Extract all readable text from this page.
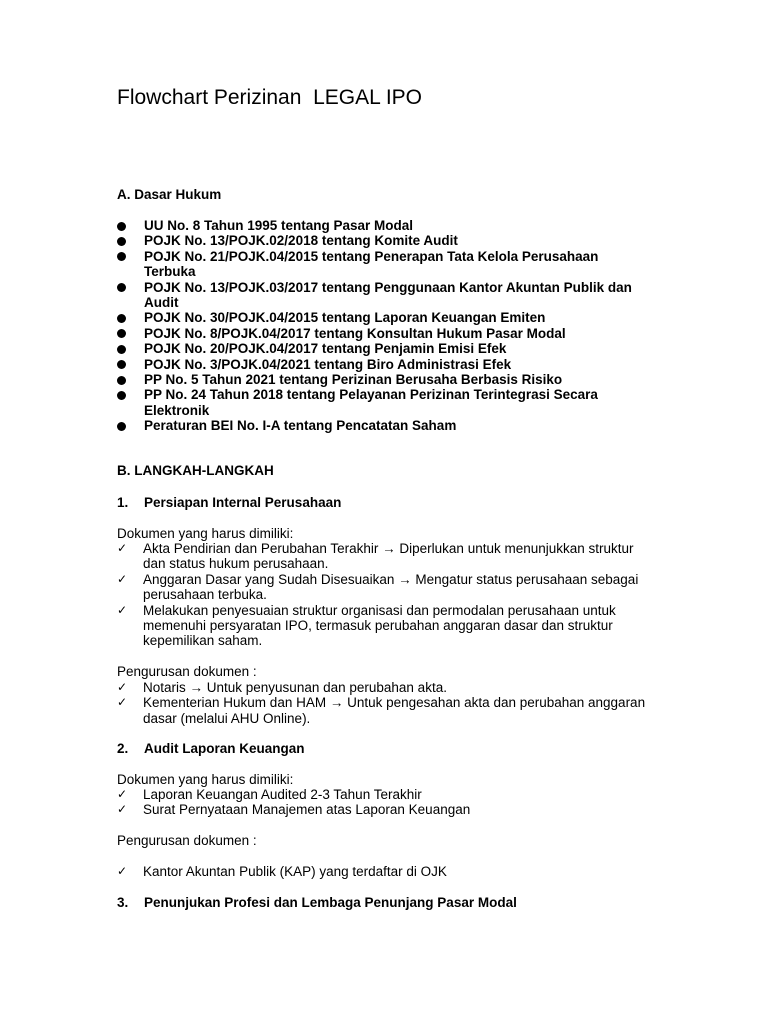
Flowchart Perizinan  LEGAL IPO
A. Dasar Hukum
UU No. 8 Tahun 1995 tentang Pasar Modal
POJK No. 13/POJK.02/2018 tentang Komite Audit
POJK No. 21/POJK.04/2015 tentang Penerapan Tata Kelola Perusahaan Terbuka
POJK No. 13/POJK.03/2017 tentang Penggunaan Kantor Akuntan Publik dan Audit
POJK No. 30/POJK.04/2015 tentang Laporan Keuangan Emiten
POJK No. 8/POJK.04/2017 tentang Konsultan Hukum Pasar Modal
POJK No. 20/POJK.04/2017 tentang Penjamin Emisi Efek
POJK No. 3/POJK.04/2021 tentang Biro Administrasi Efek
PP No. 5 Tahun 2021 tentang Perizinan Berusaha Berbasis Risiko
PP No. 24 Tahun 2018 tentang Pelayanan Perizinan Terintegrasi Secara Elektronik
Peraturan BEI No. I-A tentang Pencatatan Saham
B. LANGKAH-LANGKAH
1. Persiapan Internal Perusahaan
Dokumen yang harus dimiliki:
✓ Akta Pendirian dan Perubahan Terakhir → Diperlukan untuk menunjukkan struktur dan status hukum perusahaan.
✓ Anggaran Dasar yang Sudah Disesuaikan → Mengatur status perusahaan sebagai perusahaan terbuka.
✓ Melakukan penyesuaian struktur organisasi dan permodalan perusahaan untuk memenuhi persyaratan IPO, termasuk perubahan anggaran dasar dan struktur kepemilikan saham.
Pengurusan dokumen :
✓ Notaris → Untuk penyusunan dan perubahan akta.
✓ Kementerian Hukum dan HAM → Untuk pengesahan akta dan perubahan anggaran dasar (melalui AHU Online).
2. Audit Laporan Keuangan
Dokumen yang harus dimiliki:
✓ Laporan Keuangan Audited 2-3 Tahun Terakhir
✓ Surat Pernyataan Manajemen atas Laporan Keuangan
Pengurusan dokumen :
✓ Kantor Akuntan Publik (KAP) yang terdaftar di OJK
3. Penunjukan Profesi dan Lembaga Penunjang Pasar Modal
